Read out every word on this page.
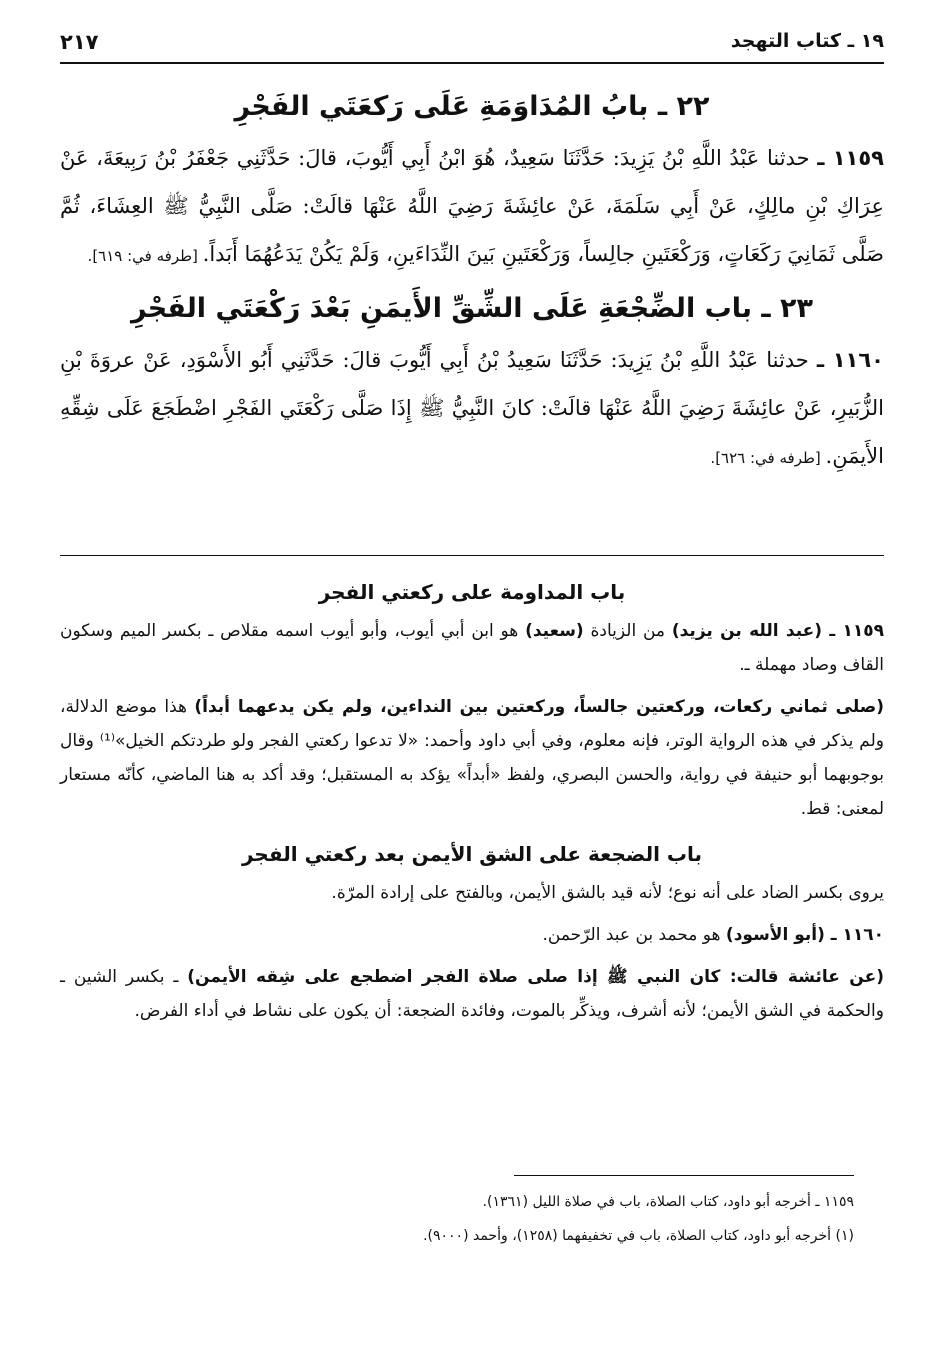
١٩ ـ كتاب التهجد
٢١٧
٢٢ ـ بابُ المُدَاوَمَةِ عَلَى رَكعَتَي الفَجْرِ

١١٥٩ ـ حدثنا عَبْدُ اللَّهِ بْنُ يَزِيدَ: حَدَّثَنَا سَعِيدٌ، هُوَ ابْنُ أَبِي أَيُّوبَ، قالَ: حَدَّثَنِي جَعْفَرُ بْنُ رَبِيعَةَ، عَنْ عِرَاكِ بْنِ مالِكٍ، عَنْ أَبِي سَلَمَةَ، عَنْ عائِشَةَ رَضِيَ اللَّهُ عَنْهَا قالَتْ: صَلَّى النَّبِيُّ ﷺ العِشَاءَ، ثُمَّ صَلَّى ثَمَانِيَ رَكَعَاتٍ، وَرَكْعَتَينِ جالِساً، وَرَكْعَتَينِ بَينَ النِّدَاءَينِ، وَلَمْ يَكُنْ يَدَعُهُمَا أَبَداً. [طرفه في: ٦١٩].

٢٣ ـ باب الضِّجْعَةِ عَلَى الشِّقِّ الأَيمَنِ بَعْدَ رَكْعَتَي الفَجْرِ

١١٦٠ ـ حدثنا عَبْدُ اللَّهِ بْنُ يَزِيدَ: حَدَّثَنَا سَعِيدُ بْنُ أَبِي أَيُّوبَ قالَ: حَدَّثَنِي أَبُو الأَسْوَدِ، عَنْ عروَةَ بْنِ الزُّبَيرِ، عَنْ عائِشَةَ رَضِيَ اللَّهُ عَنْهَا قالَتْ: كانَ النَّبِيُّ ﷺ إِذَا صَلَّى رَكْعَتَي الفَجْرِ اضْطَجَعَ عَلَى شِقِّهِ الأَيمَنِ. [طرفه في: ٦٢٦].

باب المداومة على ركعتي الفجر

١١٥٩ ـ (عبد الله بن يزيد) من الزيادة (سعيد) هو ابن أبي أيوب، وأبو أيوب اسمه مقلاص ـ بكسر الميم وسكون القاف وصاد مهملة ـ.

(صلى ثماني ركعات، وركعتين جالساً، وركعتين بين النداءين، ولم يكن يدعهما أبداً) هذا موضع الدلالة، ولم يذكر في هذه الرواية الوتر، فإنه معلوم، وفي أبي داود وأحمد: «لا تدعوا ركعتي الفجر ولو طردتكم الخيل»⁽¹⁾ وقال بوجوبهما أبو حنيفة في رواية، والحسن البصري، ولفظ «أبداً» يؤكد به المستقبل؛ وقد أكد به هنا الماضي، كأنّه مستعار لمعنى: قط.

باب الضجعة على الشق الأيمن بعد ركعتي الفجر

يروى بكسر الضاد على أنه نوع؛ لأنه قيد بالشق الأيمن، وبالفتح على إرادة المرّة.

١١٦٠ ـ (أبو الأسود) هو محمد بن عبد الرّحمن.

(عن عائشة قالت: كان النبي ﷺ إذا صلى صلاة الفجر اضطجع على شِقه الأيمن) ـ بكسر الشين ـ والحكمة في الشق الأيمن؛ لأنه أشرف، ويذكِّر بالموت، وفائدة الضجعة: أن يكون على نشاط في أداء الفرض.

١١٥٩ ـ أخرجه أبو داود، كتاب الصلاة، باب في صلاة الليل (١٣٦١).

(١) أخرجه أبو داود، كتاب الصلاة، باب في تخفيفهما (١٢٥٨)، وأحمد (٩٠٠٠).
